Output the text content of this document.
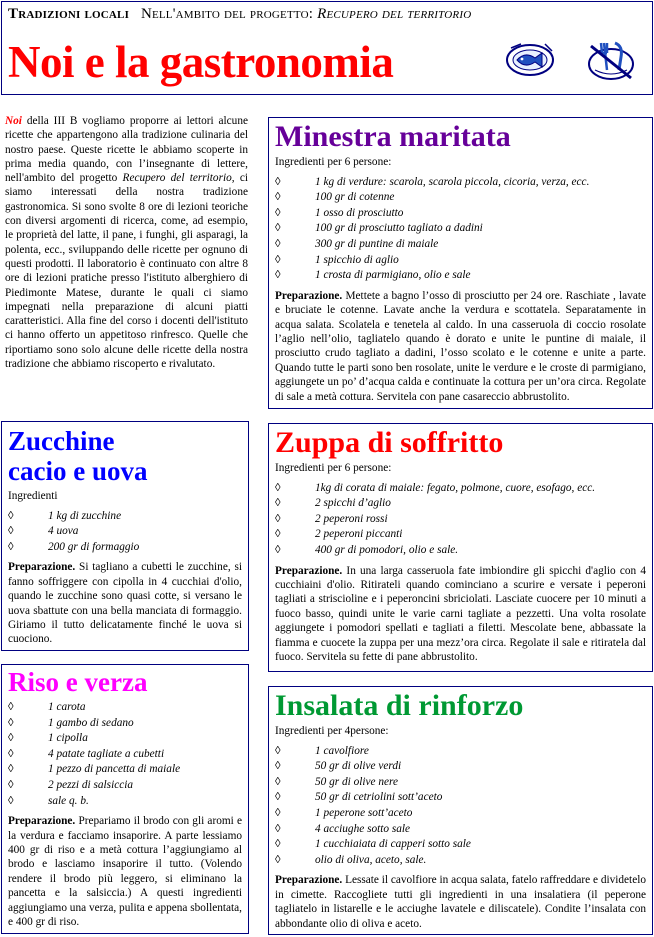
Tradizioni locali Nell'ambito del progetto: Recupero del territorio
Noi e la gastronomia
Noi della III B vogliamo proporre ai lettori alcune ricette che appartengono alla tradizione culinaria del nostro paese. Queste ricette le abbiamo scoperte in prima media quando, con l’insegnante di lettere, nell'ambito del progetto Recupero del territorio, ci siamo interessati della nostra tradizione gastronomica. Si sono svolte 8 ore di lezioni teoriche con diversi argomenti di ricerca, come, ad esempio, le proprietà del latte, il pane, i funghi, gli asparagi, la polenta, ecc., sviluppando delle ricette per ognuno di questi prodotti. Il laboratorio è continuato con altre 8 ore di lezioni pratiche presso l'istituto alberghiero di Piedimonte Matese, durante le quali ci siamo impegnati nella preparazione di alcuni piatti caratteristici. Alla fine del corso i docenti dell'istituto ci hanno offerto un appetitoso rinfresco. Quelle che riportiamo sono solo alcune delle ricette della nostra tradizione che abbiamo riscoperto e rivalutato.
Minestra maritata
Ingredienti per 6 persone:
◊	1 kg di verdure: scarola, scarola piccola, cicoria, verza, ecc.
◊	100 gr di cotenne
◊	1 osso di prosciutto
◊	100 gr di prosciutto tagliato a dadini
◊	300 gr di puntine di maiale
◊	1 spicchio di aglio
◊	1 crosta di parmigiano, olio e sale
Preparazione. Mettete a bagno l’osso di prosciutto per 24 ore. Raschiate , lavate e bruciate le cotenne. Lavate anche la verdura e scottatela. Separatamente in acqua salata. Scolatela e tenetela al caldo. In una casseruola di coccio rosolate l’aglio nell’olio, tagliatelo quando è dorato e unite le puntine di maiale, il prosciutto crudo tagliato a dadini, l’osso scolato e le cotenne e unite a parte. Quando tutte le parti sono ben rosolate, unite le verdure e le croste di parmigiano, aggiungete un po’ d’acqua calda e continuate la cottura per un’ora circa. Regolate di sale a metà cottura. Servitela con pane casareccio abbrustolito.
Zucchine
cacio e uova
Ingredienti
◊	1 kg di zucchine
◊	4 uova
◊	200 gr di formaggio
Preparazione. Si tagliano a cubetti le zucchine, si fanno soffriggere con cipolla in 4 cucchiai d'olio, quando le zucchine sono quasi cotte, si versano le uova sbattute con una bella manciata di formaggio. Giriamo il tutto delicatamente finché le uova si cuociono.
Zuppa di soffritto
Ingredienti per 6 persone:
◊	1kg di corata di maiale: fegato, polmone, cuore, esofago, ecc.
◊	2 spicchi d’aglio
◊	2 peperoni rossi
◊	2 peperoni piccanti
◊	400 gr di pomodori, olio e sale.
Preparazione. In una larga casseruola fate imbiondire gli spicchi d'aglio con 4 cucchiaini d'olio. Ritirateli quando cominciano a scurire e versate i peperoni tagliati a striscioline e i peperoncini sbriciolati. Lasciate cuocere per 10 minuti a fuoco basso, quindi unite le varie carni tagliate a pezzetti. Una volta rosolate aggiungete i pomodori spellati e tagliati a filetti. Mescolate bene, abbassate la fiamma e cuocete la zuppa per una mezz’ora circa. Regolate il sale e ritiratela dal fuoco. Servitela su fette di pane abbrustolito.
Riso e verza
◊	1 carota
◊	1 gambo di sedano
◊	1 cipolla
◊	4 patate tagliate a cubetti
◊	1 pezzo di pancetta di maiale
◊	2 pezzi di salsiccia
◊	sale q. b.
Preparazione. Prepariamo il brodo con gli aromi e la verdura e facciamo insaporire. A parte lessiamo 400 gr di riso e a metà cottura l’aggiungiamo al brodo e lasciamo insaporire il tutto. (Volendo rendere il brodo più leggero, si eliminano la pancetta e la salsiccia.) A questi ingredienti aggiungiamo una verza, pulita e appena sbollentata, e 400 gr di riso.
Insalata di rinforzo
Ingredienti per 4persone:
◊	1 cavolfiore
◊	50 gr di olive verdi
◊	50 gr di olive nere
◊	50 gr di cetriolini sott’aceto
◊	1 peperone sott’aceto
◊	4 acciughe sotto sale
◊	1 cucchiaiata di capperi sotto sale
◊	olio di oliva, aceto, sale.
Preparazione. Lessate il cavolfiore in acqua salata, fatelo raffreddare e dividetelo in cimette. Raccogliete tutti gli ingredienti in una insalatiera (il peperone tagliatelo in listarelle e le acciughe lavatele e diliscatele). Condite l’insalata con abbondante olio di oliva e aceto.
